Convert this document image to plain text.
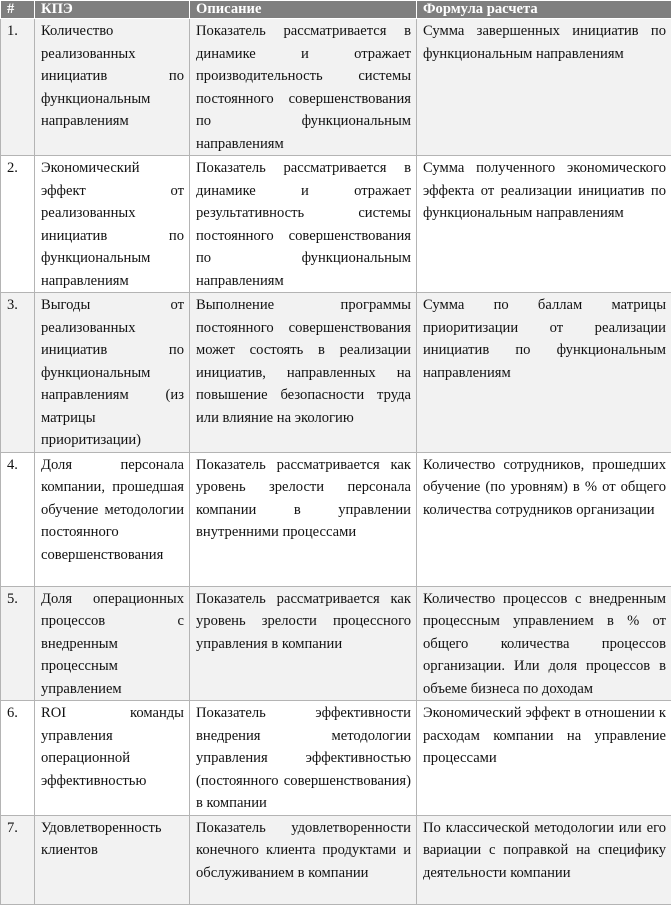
#	КПЭ	Описание	Формула расчета
1.	Количество реализованных инициатив по функциональным направлениям	Показатель рассматривается в динамике и отражает производительность системы постоянного совершенствования по функциональным направлениям	Сумма завершенных инициатив по функциональным направлениям
2.	Экономический эффект от реализованных инициатив по функциональным направлениям	Показатель рассматривается в динамике и отражает результативность системы постоянного совершенствования по функциональным направлениям	Сумма полученного экономического эффекта от реализации инициатив по функциональным направлениям
3.	Выгоды от реализованных инициатив по функциональным направлениям (из матрицы приоритизации)	Выполнение программы постоянного совершенствования может состоять в реализации инициатив, направленных на повышение безопасности труда или влияние на экологию	Сумма по баллам матрицы приоритизации от реализации инициатив по функциональным направлениям
4.	Доля персонала компании, прошедшая обучение методологии постоянного совершенствования	Показатель рассматривается как уровень зрелости персонала компании в управлении внутренними процессами	Количество сотрудников, прошедших обучение (по уровням) в % от общего количества сотрудников организации
5.	Доля операционных процессов с внедренным процессным управлением	Показатель рассматривается как уровень зрелости процессного управления в компании	Количество процессов с внедренным процессным управлением в % от общего количества процессов организации. Или доля процессов в объеме бизнеса по доходам
6.	ROI команды управления операционной эффективностью	Показатель эффективности внедрения методологии управления эффективностью (постоянного совершенствования) в компании	Экономический эффект в отношении к расходам компании на управление процессами
7.	Удовлетворенность клиентов	Показатель удовлетворенности конечного клиента продуктами и обслуживанием в компании	По классической методологии или его вариации с поправкой на специфику деятельности компании
